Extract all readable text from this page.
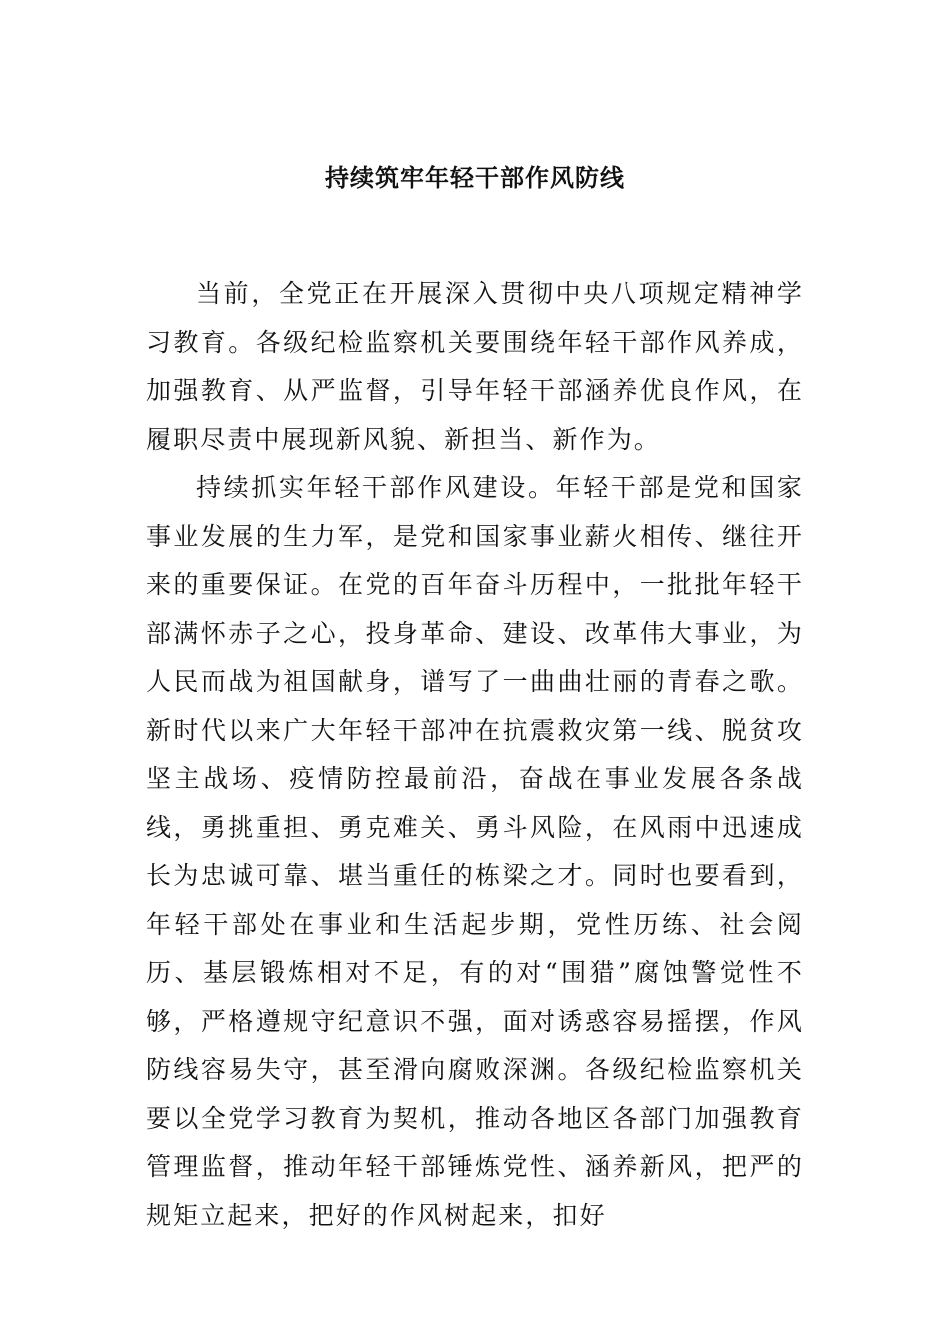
持续筑牢年轻干部作风防线

当前，全党正在开展深入贯彻中央八项规定精神学习教育。各级纪检监察机关要围绕年轻干部作风养成，加强教育、从严监督，引导年轻干部涵养优良作风，在履职尽责中展现新风貌、新担当、新作为。

持续抓实年轻干部作风建设。年轻干部是党和国家事业发展的生力军，是党和国家事业薪火相传、继往开来的重要保证。在党的百年奋斗历程中，一批批年轻干部满怀赤子之心，投身革命、建设、改革伟大事业，为人民而战为祖国献身，谱写了一曲曲壮丽的青春之歌。新时代以来广大年轻干部冲在抗震救灾第一线、脱贫攻坚主战场、疫情防控最前沿，奋战在事业发展各条战线，勇挑重担、勇克难关、勇斗风险，在风雨中迅速成长为忠诚可靠、堪当重任的栋梁之才。同时也要看到，年轻干部处在事业和生活起步期，党性历练、社会阅历、基层锻炼相对不足，有的对“围猎”腐蚀警觉性不够，严格遵规守纪意识不强，面对诱惑容易摇摆，作风防线容易失守，甚至滑向腐败深渊。各级纪检监察机关要以全党学习教育为契机，推动各地区各部门加强教育管理监督，推动年轻干部锤炼党性、涵养新风，把严的规矩立起来，把好的作风树起来，扣好
